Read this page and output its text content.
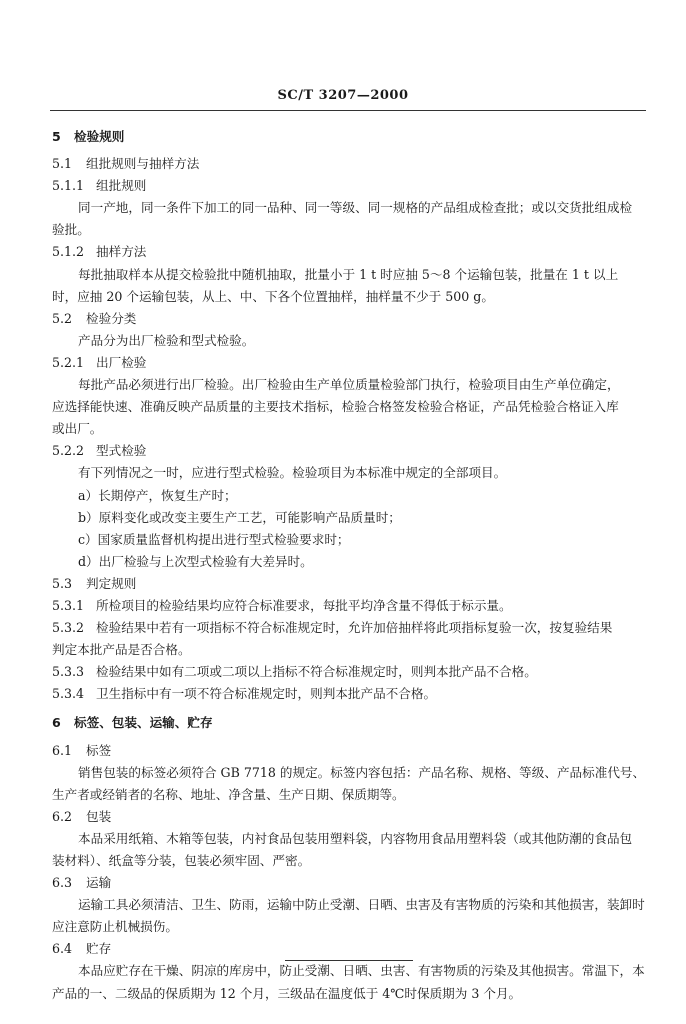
SC/T 3207—2000
5 检验规则
5.1 组批规则与抽样方法
5.1.1 组批规则
同一产地，同一条件下加工的同一品种、同一等级、同一规格的产品组成检查批；或以交货批组成检
验批。
5.1.2 抽样方法
每批抽取样本从提交检验批中随机抽取，批量小于 1 t 时应抽 5～8 个运输包装，批量在 1 t 以上
时，应抽 20 个运输包装，从上、中、下各个位置抽样，抽样量不少于 500 g。
5.2 检验分类
产品分为出厂检验和型式检验。
5.2.1 出厂检验
每批产品必须进行出厂检验。出厂检验由生产单位质量检验部门执行，检验项目由生产单位确定，
应选择能快速、准确反映产品质量的主要技术指标，检验合格签发检验合格证，产品凭检验合格证入库
或出厂。
5.2.2 型式检验
有下列情况之一时，应进行型式检验。检验项目为本标准中规定的全部项目。
a）长期停产，恢复生产时；
b）原料变化或改变主要生产工艺，可能影响产品质量时；
c）国家质量监督机构提出进行型式检验要求时；
d）出厂检验与上次型式检验有大差异时。
5.3 判定规则
5.3.1 所检项目的检验结果均应符合标准要求，每批平均净含量不得低于标示量。
5.3.2 检验结果中若有一项指标不符合标准规定时，允许加倍抽样将此项指标复验一次，按复验结果
判定本批产品是否合格。
5.3.3 检验结果中如有二项或二项以上指标不符合标准规定时，则判本批产品不合格。
5.3.4 卫生指标中有一项不符合标准规定时，则判本批产品不合格。
6 标签、包装、运输、贮存
6.1 标签
销售包装的标签必须符合 GB 7718 的规定。标签内容包括：产品名称、规格、等级、产品标准代号、
生产者或经销者的名称、地址、净含量、生产日期、保质期等。
6.2 包装
本品采用纸箱、木箱等包装，内衬食品包装用塑料袋，内容物用食品用塑料袋（或其他防潮的食品包
装材料）、纸盒等分装，包装必须牢固、严密。
6.3 运输
运输工具必须清洁、卫生、防雨，运输中防止受潮、日晒、虫害及有害物质的污染和其他损害，装卸时
应注意防止机械损伤。
6.4 贮存
本品应贮存在干燥、阴凉的库房中，防止受潮、日晒、虫害、有害物质的污染及其他损害。常温下，本
产品的一、二级品的保质期为 12 个月，三级品在温度低于 4℃时保质期为 3 个月。
